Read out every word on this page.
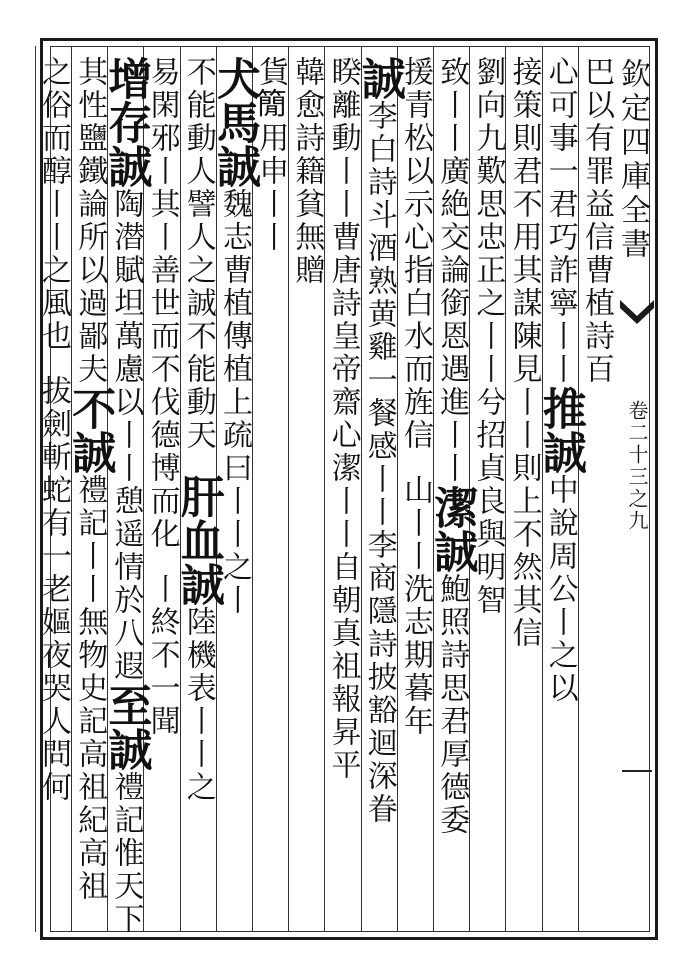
欽定四庫全書
卷二十三之九
巴以有罪益信曹植詩百
心可事一君巧詐寧丨丨推誠中說周公丨之以
接策則君不用其謀陳見丨丨則上不然其信
劉向九歎思忠正之丨丨兮招貞良與明智
致丨丨廣絶交論銜恩遇進丨丨潔誠鮑照詩思君厚德委
援青松以示心指白水而旌信山丨丨洗志期暮年
誠李白詩斗酒熟黄雞一餐感丨丨李商隱詩披豁迴深眷
睽離動丨丨曹唐詩皇帝齋心潔丨丨自朝真祖報昇平
韓愈詩籍貧無贈
貨𥳑用申丨丨
犬馬誠魏志曹植傳植上疏曰丨丨之丨
不能動人譬人之誠不能動天肝血誠陸機表丨丨之
易閑邪丨其丨善世而不伐德博而化丨終不一聞
增存誠陶潜賦坦萬慮以丨丨憩遥情於八遐至誠禮記惟天下
其性鹽鐵論所以過鄙夫不誠禮記丨丨無物史記高祖紀高祖
之俗而醇丨丨之風也拔劍斬蛇有一老嫗夜哭人問何
